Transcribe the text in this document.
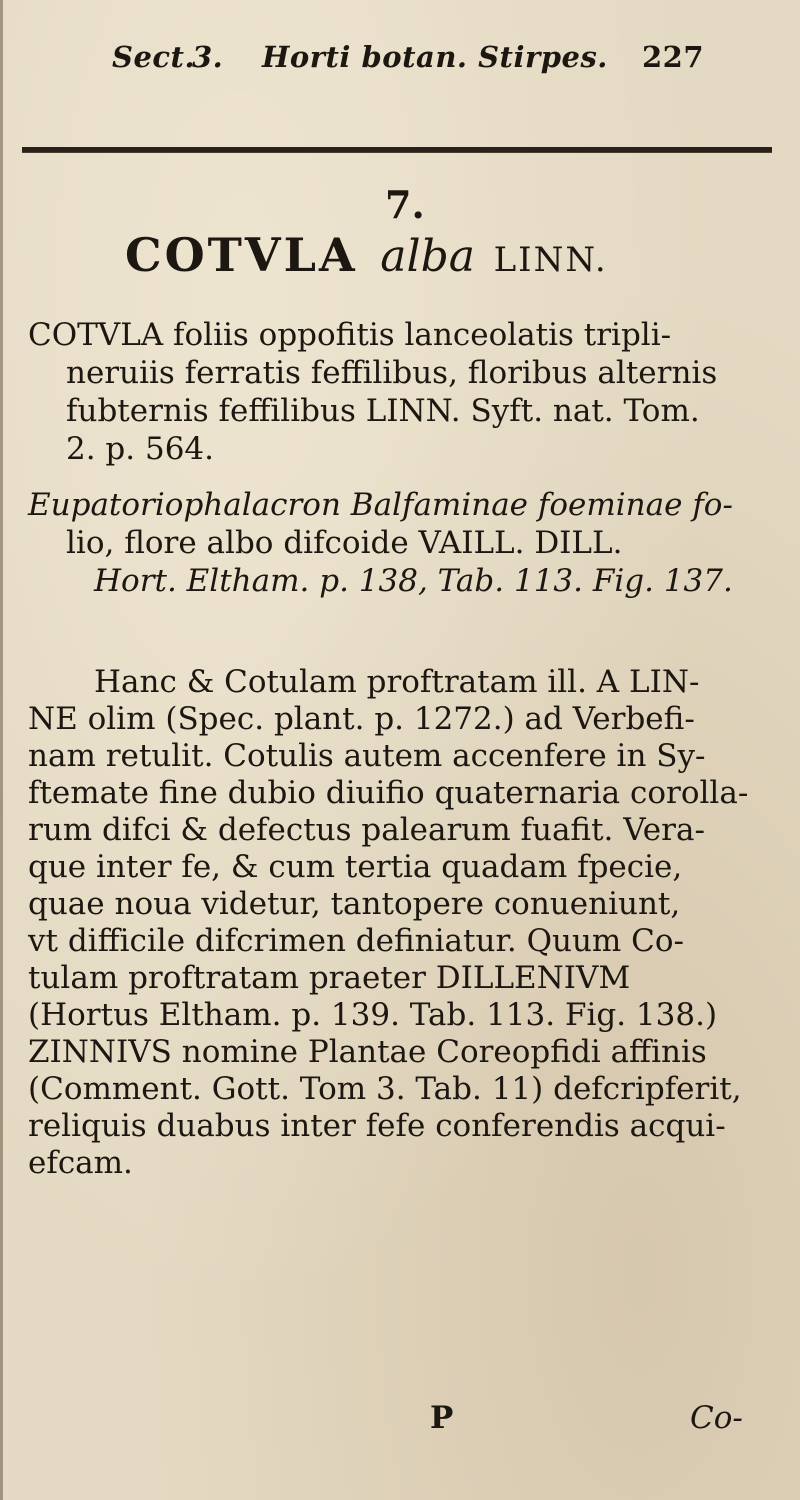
Sect.
3. Horti botan. Stirpes. 227
7.
COTVLA alba LINN.
COTVLA foliis oppofitis lanceolatis tripli-
neruiis ferratis feffilibus, floribus alternis
fubternis feffilibus LINN. Syft. nat. Tom.
2. p. 564.
Eupatoriophalacron Balfaminae foeminae fo-
lio, flore albo difcoide VAILL. DILL.
Hort. Eltham. p. 138, Tab. 113. Fig. 137.
Hanc & Cotulam proftratam ill. A LIN-
NE olim (Spec. plant. p. 1272.) ad Verbefi-
nam retulit. Cotulis autem accenfere in Sy-
ftemate fine dubio diuifio quaternaria corolla-
rum difci & defectus palearum fuafit. Vera-
que inter fe, & cum tertia quadam fpecie,
quae noua videtur, tantopere conueniunt,
vt difficile difcrimen definiatur. Quum Co-
tulam proftratam praeter DILLENIVM
(Hortus Eltham. p. 139. Tab. 113. Fig. 138.)
ZINNIVS nomine Plantae Coreopfidi affinis
(Comment. Gott. Tom 3. Tab. 11) defcripferit,
reliquis duabus inter fefe conferendis acqui-
efcam.
P	Co-
